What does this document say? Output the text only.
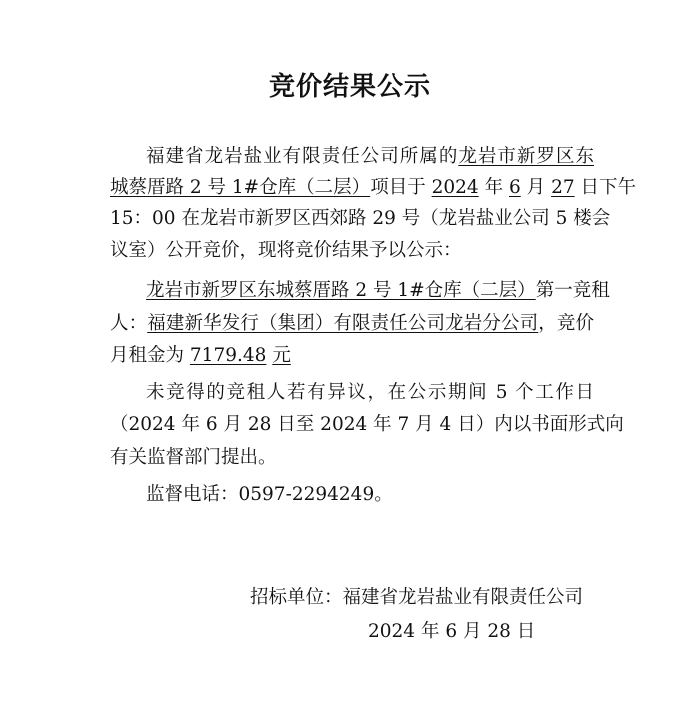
竞价结果公示
福建省龙岩盐业有限责任公司所属的龙岩市新罗区东
城蔡厝路 2 号 1#仓库（二层）项目于 2024 年 6 月 27 日下午
15：00 在龙岩市新罗区西郊路 29 号（龙岩盐业公司 5 楼会
议室）公开竞价，现将竞价结果予以公示：
龙岩市新罗区东城蔡厝路 2 号 1#仓库（二层）第一竞租
人：福建新华发行（集团）有限责任公司龙岩分公司，竞价
月租金为 7179.48 元
未竞得的竞租人若有异议，在公示期间 5 个工作日
（2024 年 6 月 28 日至 2024 年 7 月 4 日）内以书面形式向
有关监督部门提出。
监督电话：0597-2294249。
招标单位：福建省龙岩盐业有限责任公司
2024 年 6 月 28 日
